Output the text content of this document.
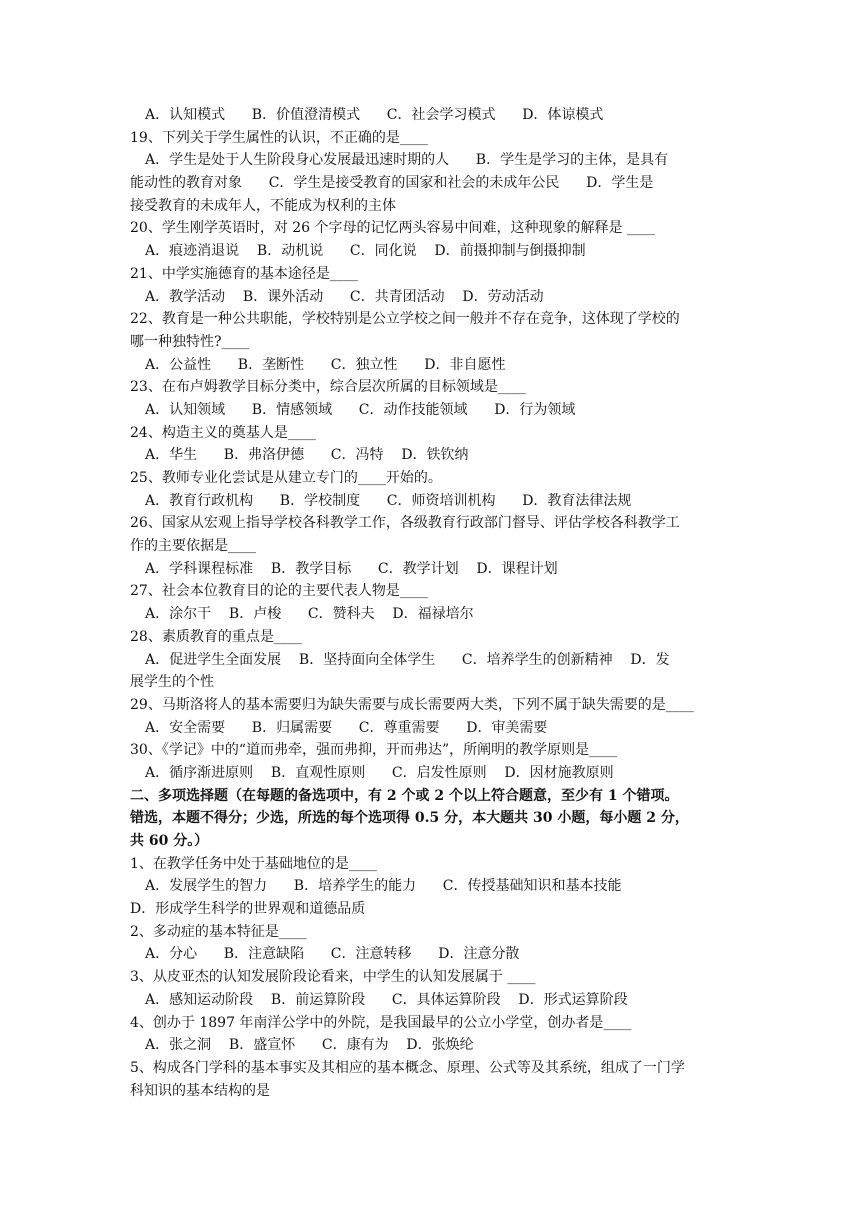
A．认知模式      B．价值澄清模式      C．社会学习模式      D．体谅模式
19、下列关于学生属性的认识，不正确的是____
A．学生是处于人生阶段身心发展最迅速时期的人      B．学生是学习的主体，是具有
能动性的教育对象      C．学生是接受教育的国家和社会的未成年公民      D．学生是
接受教育的未成年人，不能成为权利的主体
20、学生刚学英语时，对 26 个字母的记忆两头容易中间难，这种现象的解释是 ____
A．痕迹消退说    B．动机说      C．同化说    D．前摄抑制与倒摄抑制
21、中学实施德育的基本途径是____
A．教学活动    B．课外活动      C．共青团活动    D．劳动活动
22、教育是一种公共职能，学校特别是公立学校之间一般并不存在竞争，这体现了学校的
哪一种独特性?____
A．公益性      B．垄断性      C．独立性      D．非自愿性
23、在布卢姆教学目标分类中，综合层次所属的目标领域是____
A．认知领域      B．情感领域      C．动作技能领域      D．行为领域
24、构造主义的奠基人是____
A．华生      B．弗洛伊德      C．冯特    D．铁钦纳
25、教师专业化尝试是从建立专门的____开始的。
A．教育行政机构      B．学校制度      C．师资培训机构      D．教育法律法规
26、国家从宏观上指导学校各科教学工作，各级教育行政部门督导、评估学校各科教学工
作的主要依据是____
A．学科课程标准    B．教学目标      C．教学计划    D．课程计划
27、社会本位教育目的论的主要代表人物是____
A．涂尔干    B．卢梭      C．赞科夫    D．福禄培尔
28、素质教育的重点是____
A．促进学生全面发展    B．坚持面向全体学生      C．培养学生的创新精神    D．发
展学生的个性
29、马斯洛将人的基本需要归为缺失需要与成长需要两大类，下列不属于缺失需要的是____
A．安全需要      B．归属需要      C．尊重需要      D．审美需要
30、《学记》中的“道而弗牵，强而弗抑，开而弗达”，所阐明的教学原则是____
A．循序渐进原则    B．直观性原则      C．启发性原则    D．因材施教原则
二、多项选择题（在每题的备选项中，有 2 个或 2 个以上符合题意，至少有 1 个错项。
错选，本题不得分；少选，所选的每个选项得 0.5 分，本大题共 30 小题，每小题 2 分，
共 60 分。）
1、在教学任务中处于基础地位的是____
A．发展学生的智力      B．培养学生的能力      C．传授基础知识和基本技能
D．形成学生科学的世界观和道德品质
2、多动症的基本特征是____
A．分心      B．注意缺陷      C．注意转移      D．注意分散
3、从皮亚杰的认知发展阶段论看来，中学生的认知发展属于 ____
A．感知运动阶段    B．前运算阶段      C．具体运算阶段    D．形式运算阶段
4、创办于 1897 年南洋公学中的外院，是我国最早的公立小学堂，创办者是____
A．张之洞    B．盛宣怀      C．康有为    D．张焕纶
5、构成各门学科的基本事实及其相应的基本概念、原理、公式等及其系统，组成了一门学
科知识的基本结构的是
